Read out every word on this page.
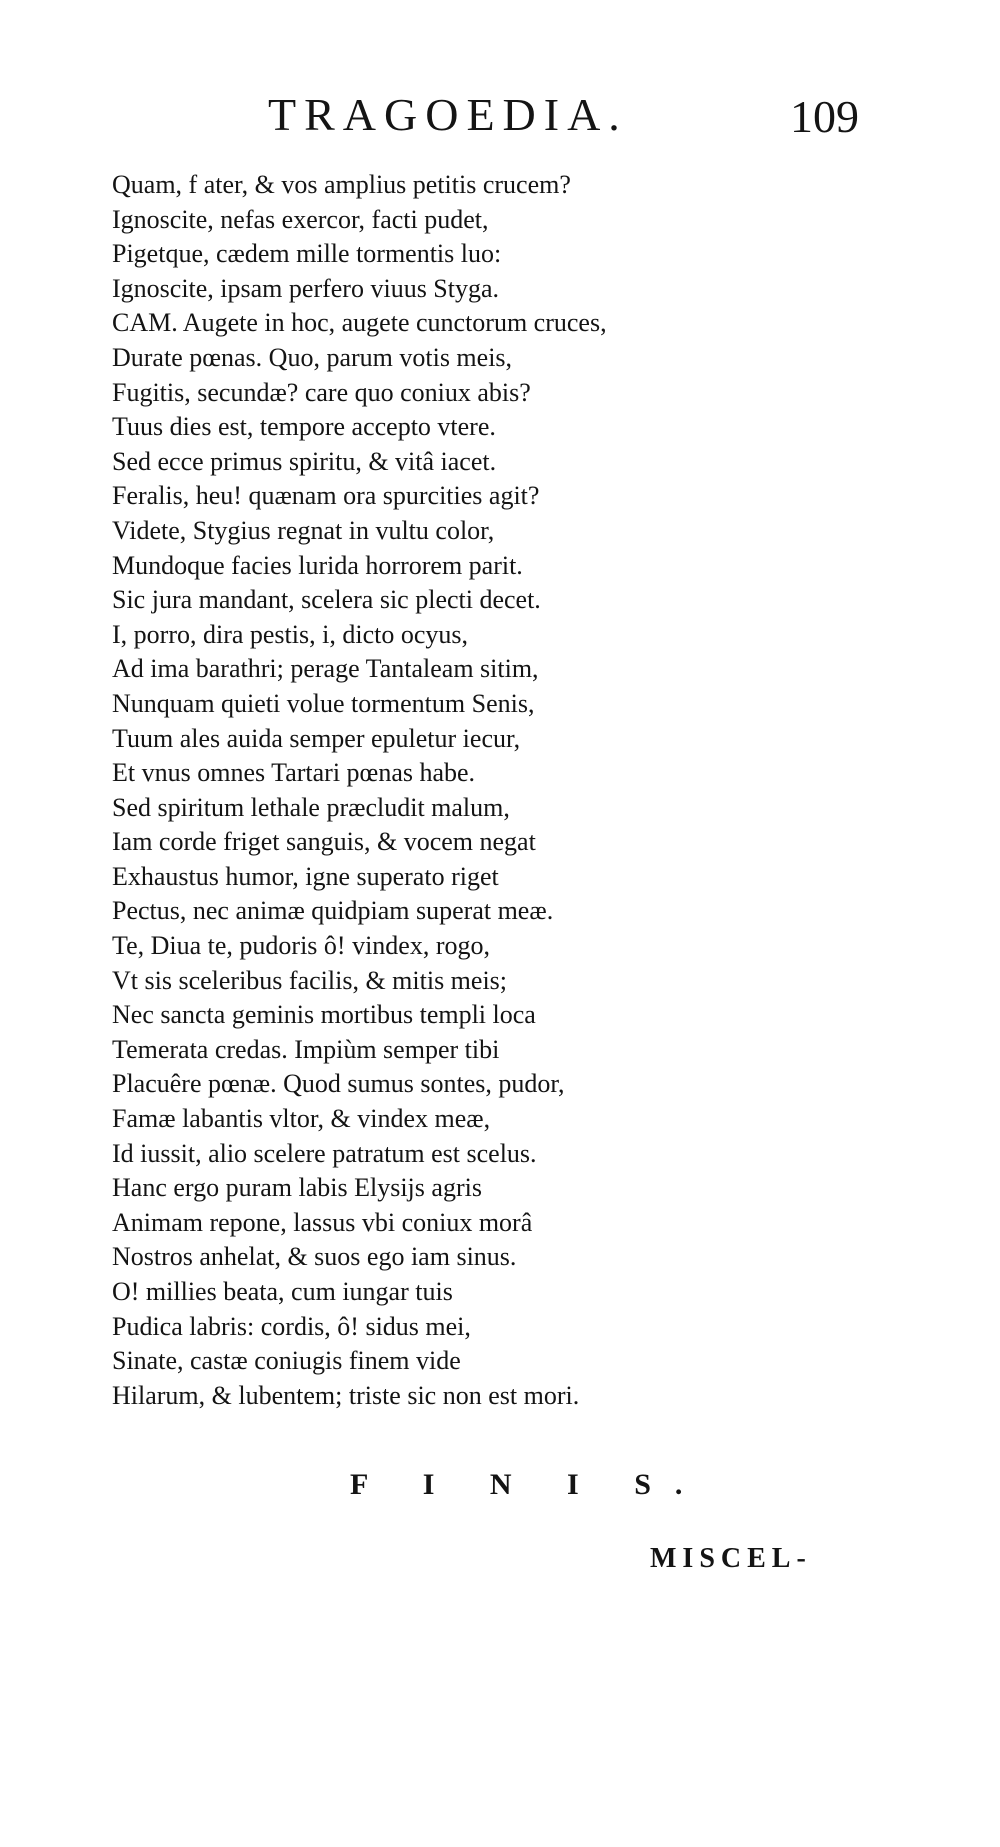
TRAGOEDIA.	109
Quam, f ater, & vos amplius petitis crucem?
Ignoscite, nefas exercor, facti pudet,
Pigetque, cædem mille tormentis luo:
Ignoscite, ipsam perfero viuus Styga.
CAM. Augete in hoc, augete cunctorum cruces,
Durate pœnas. Quo, parum votis meis,
Fugitis, secundæ? care quo coniux abis?
Tuus dies est, tempore accepto vtere.
Sed ecce primus spiritu, & vitâ iacet.
Feralis, heu! quænam ora spurcities agit?
Videte, Stygius regnat in vultu color,
Mundoque facies lurida horrorem parit.
Sic jura mandant, scelera sic plecti decet.
I, porro, dira pestis, i, dicto ocyus,
Ad ima barathri; perage Tantaleam sitim,
Nunquam quieti volue tormentum Senis,
Tuum ales auida semper epuletur iecur,
Et vnus omnes Tartari pœnas habe.
Sed spiritum lethale præcludit malum,
Iam corde friget sanguis, & vocem negat
Exhaustus humor, igne superato riget
Pectus, nec animæ quidpiam superat meæ.
Te, Diua te, pudoris ô! vindex, rogo,
Vt sis sceleribus facilis, & mitis meis;
Nec sancta geminis mortibus templi loca
Temerata credas. Impiùm semper tibi
Placuêre pœnæ. Quod sumus sontes, pudor,
Famæ labantis vltor, & vindex meæ,
Id iussit, alio scelere patratum est scelus.
Hanc ergo puram labis Elysijs agris
Animam repone, lassus vbi coniux morâ
Nostros anhelat, & suos ego iam sinus.
O! millies beata, cum iungar tuis
Pudica labris: cordis, ô! sidus mei,
Sinate, castæ coniugis finem vide
Hilarum, & lubentem; triste sic non est mori.
F I N I S.
MISCEL-
